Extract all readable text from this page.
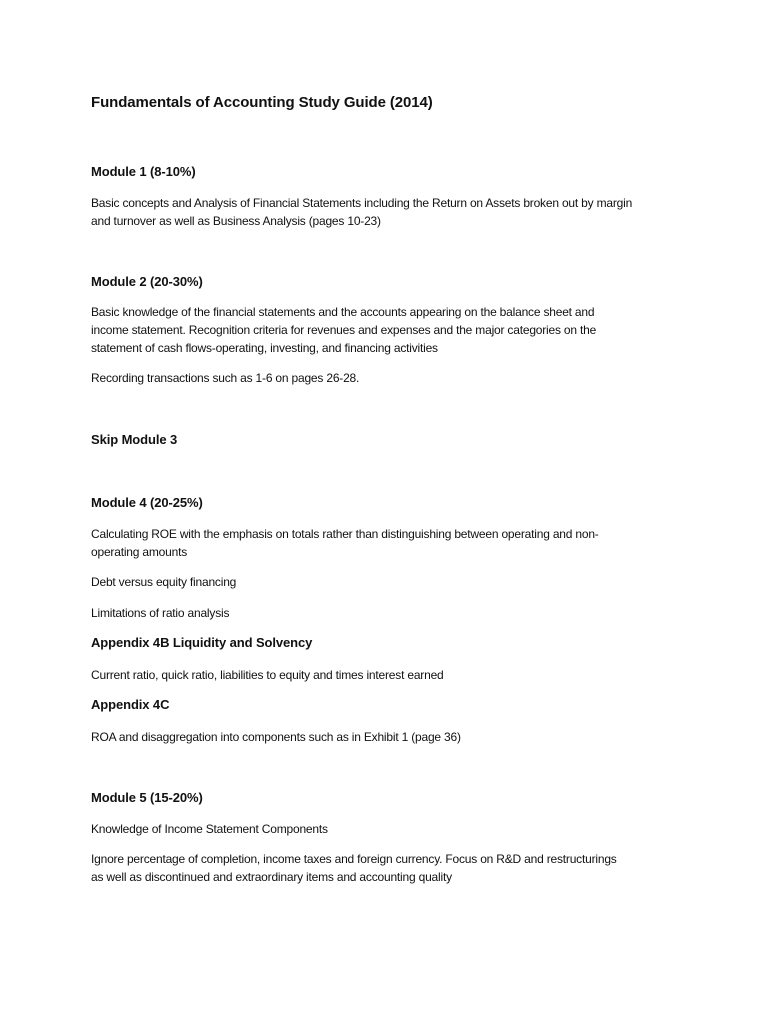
Fundamentals of Accounting Study Guide (2014)
Module 1 (8-10%)

Basic concepts and Analysis of Financial Statements including the Return on Assets broken out by margin
and turnover as well as Business Analysis (pages 10-23)

Module 2 (20-30%)

Basic knowledge of the financial statements and the accounts appearing on the balance sheet and
income statement. Recognition criteria for revenues and expenses and the major categories on the
statement of cash flows-operating, investing, and financing activities

Recording transactions such as 1-6 on pages 26-28.

Skip Module 3
Module 4 (20-25%)

Calculating ROE with the emphasis on totals rather than distinguishing between operating and non-
operating amounts

Debt versus equity financing

Limitations of ratio analysis

Appendix 4B Liquidity and Solvency

Current ratio, quick ratio, liabilities to equity and times interest earned

Appendix 4C

ROA and disaggregation into components such as in Exhibit 1 (page 36)

Module 5 (15-20%)

Knowledge of Income Statement Components

Ignore percentage of completion, income taxes and foreign currency. Focus on R&D and restructurings
as well as discontinued and extraordinary items and accounting quality
